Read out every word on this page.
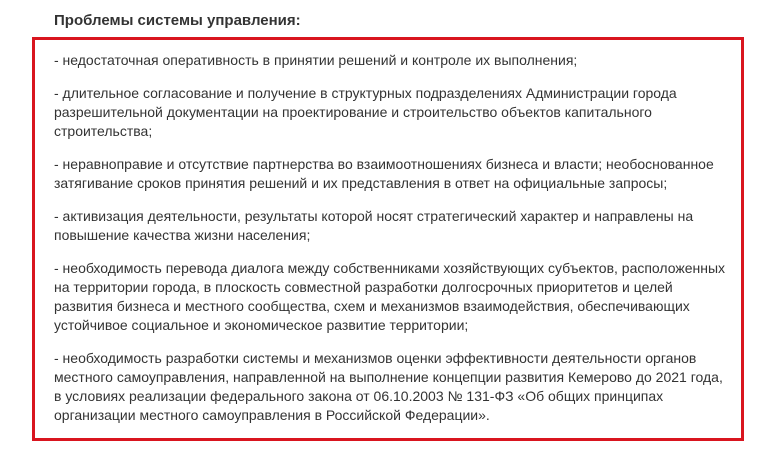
Проблемы системы управления:
- недостаточная оперативность в принятии решений и контроле их выполнения;
- длительное согласование и получение в структурных подразделениях Администрации города разрешительной документации на проектирование и строительство объектов капитального строительства;
- неравноправие и отсутствие партнерства во взаимоотношениях бизнеса и власти; необоснованное затягивание сроков принятия решений и их представления в ответ на официальные запросы;
- активизация деятельности, результаты которой носят стратегический характер и направлены на повышение качества жизни населения;
- необходимость перевода диалога между собственниками хозяйствующих субъектов, расположенных на территории города, в плоскость совместной разработки долгосрочных приоритетов и целей развития бизнеса и местного сообщества, схем и механизмов взаимодействия, обеспечивающих устойчивое социальное и экономическое развитие территории;
- необходимость разработки системы и механизмов оценки эффективности деятельности органов местного самоуправления, направленной на выполнение концепции развития Кемерово до 2021 года, в условиях реализации федерального закона от 06.10.2003 № 131-ФЗ «Об общих принципах организации местного самоуправления в Российской Федерации».
